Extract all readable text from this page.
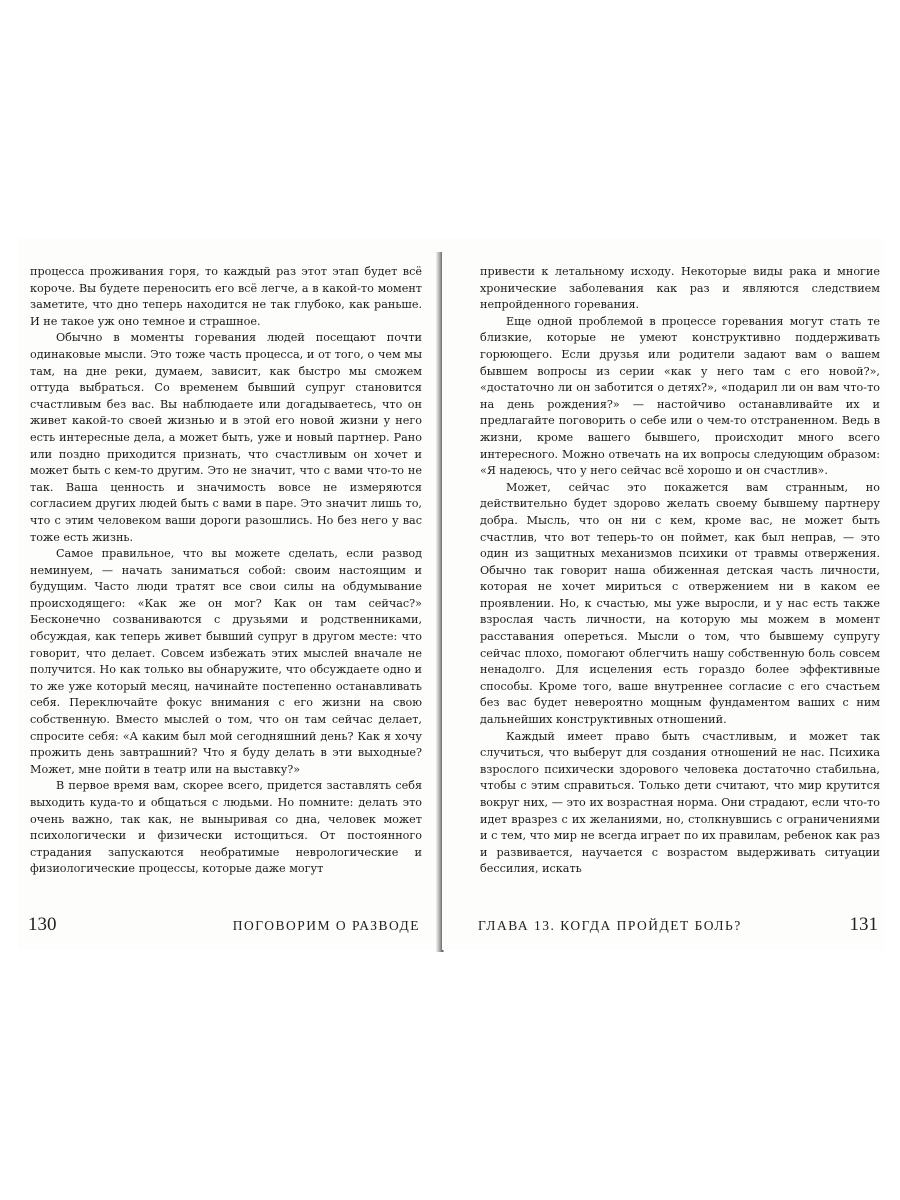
процесса проживания горя, то каждый раз этот этап будет всё короче. Вы будете переносить его всё легче, а в какой-то момент заметите, что дно теперь находится не так глубоко, как раньше. И не такое уж оно темное и страшное.

Обычно в моменты горевания людей посещают почти одинаковые мысли. Это тоже часть процесса, и от того, о чем мы там, на дне реки, думаем, зависит, как быстро мы сможем оттуда выбраться. Со временем бывший супруг становится счастливым без вас. Вы наблюдаете или догадываетесь, что он живет какой-то своей жизнью и в этой его новой жизни у него есть интересные дела, а может быть, уже и новый партнер. Рано или поздно приходится признать, что счастливым он хочет и может быть с кем-то другим. Это не значит, что с вами что-то не так. Ваша ценность и значимость вовсе не измеряются согласием других людей быть с вами в паре. Это значит лишь то, что с этим человеком ваши дороги разошлись. Но без него у вас тоже есть жизнь.

Самое правильное, что вы можете сделать, если развод неминуем, — начать заниматься собой: своим настоящим и будущим. Часто люди тратят все свои силы на обдумывание происходящего: «Как же он мог? Как он там сейчас?» Бесконечно созваниваются с друзьями и родственниками, обсуждая, как теперь живет бывший супруг в другом месте: что говорит, что делает. Совсем избежать этих мыслей вначале не получится. Но как только вы обнаружите, что обсуждаете одно и то же уже который месяц, начинайте постепенно останавливать себя. Переключайте фокус внимания с его жизни на свою собственную. Вместо мыслей о том, что он там сейчас делает, спросите себя: «А каким был мой сегодняшний день? Как я хочу прожить день завтрашний? Что я буду делать в эти выходные? Может, мне пойти в театр или на выставку?»

В первое время вам, скорее всего, придется заставлять себя выходить куда-то и общаться с людьми. Но помните: делать это очень важно, так как, не выныривая со дна, человек может психологически и физически истощиться. От постоянного страдания запускаются необратимые неврологические и физиологические процессы, которые даже могут

130	ПОГОВОРИМ О РАЗВОДЕ

привести к летальному исходу. Некоторые виды рака и многие хронические заболевания как раз и являются следствием непройденного горевания.

Еще одной проблемой в процессе горевания могут стать те близкие, которые не умеют конструктивно поддерживать горюющего. Если друзья или родители задают вам о вашем бывшем вопросы из серии «как у него там с его новой?», «достаточно ли он заботится о детях?», «подарил ли он вам что-то на день рождения?» — настойчиво останавливайте их и предлагайте поговорить о себе или о чем-то отстраненном. Ведь в жизни, кроме вашего бывшего, происходит много всего интересного. Можно отвечать на их вопросы следующим образом: «Я надеюсь, что у него сейчас всё хорошо и он счастлив».

Может, сейчас это покажется вам странным, но действительно будет здорово желать своему бывшему партнеру добра. Мысль, что он ни с кем, кроме вас, не может быть счастлив, что вот теперь-то он поймет, как был неправ, — это один из защитных механизмов психики от травмы отвержения. Обычно так говорит наша обиженная детская часть личности, которая не хочет мириться с отвержением ни в каком ее проявлении. Но, к счастью, мы уже выросли, и у нас есть также взрослая часть личности, на которую мы можем в момент расставания опереться. Мысли о том, что бывшему супругу сейчас плохо, помогают облегчить нашу собственную боль совсем ненадолго. Для исцеления есть гораздо более эффективные способы. Кроме того, ваше внутреннее согласие с его счастьем без вас будет невероятно мощным фундаментом ваших с ним дальнейших конструктивных отношений.

Каждый имеет право быть счастливым, и может так случиться, что выберут для создания отношений не нас. Психика взрослого психически здорового человека достаточно стабильна, чтобы с этим справиться. Только дети считают, что мир крутится вокруг них, — это их возрастная норма. Они страдают, если что-то идет вразрез с их желаниями, но, столкнувшись с ограничениями и с тем, что мир не всегда играет по их правилам, ребенок как раз и развивается, научается с возрастом выдерживать ситуации бессилия, искать

ГЛАВА 13. КОГДА ПРОЙДЕТ БОЛЬ?	131
